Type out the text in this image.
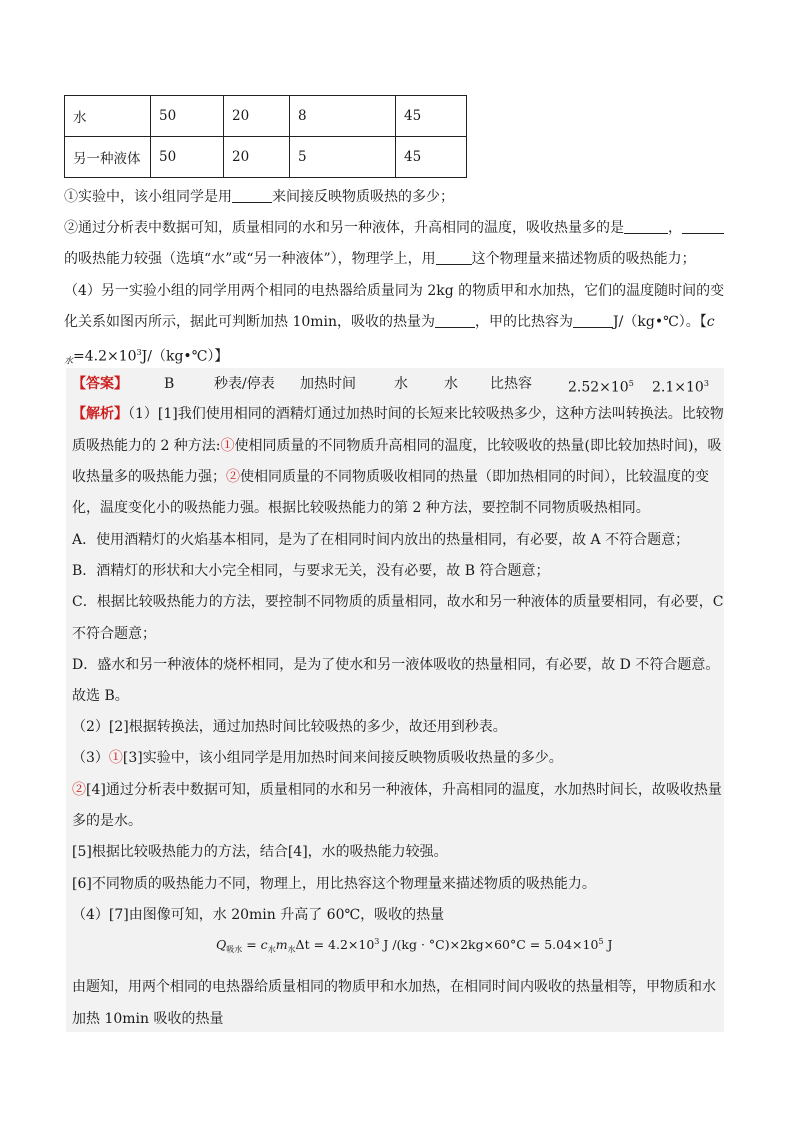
水	50	20	8	45
另一种液体	50	20	5	45
①实验中，该小组同学是用	来间接反映物质吸热的多少；
②通过分析表中数据可知，质量相同的水和另一种液体，升高相同的温度，吸收热量多的是	，
的吸热能力较强（选填“水”或“另一种液体”），物理学上，用	这个物理量来描述物质的吸热能力；
（4）另一实验小组的同学用两个相同的电热器给质量同为 2kg 的物质甲和水加热，它们的温度随时间的变
化关系如图丙所示，据此可判断加热 10min，吸收的热量为	，甲的比热容为	J/（kg•℃）。【c
$_水=4.2\times 10^3J/(kg•℃)$】
【答案】	B	秒表/停表 加热时间	水	水 比热容	$2.52\times 10^5$ $2.1\times 10^3$
【解析】（1）[1]我们使用相同的酒精灯通过加热时间的长短来比较吸热多少，这种方法叫转换法。比较物
质吸热能力的 2 种方法:①使相同质量的不同物质升高相同的温度，比较吸收的热量(即比较加热时间)，吸
收热量多的吸热能力强；②使相同质量的不同物质吸收相同的热量（即加热相同的时间），比较温度的变
化，温度变化小的吸热能力强。根据比较吸热能力的第 2 种方法，要控制不同物质吸热相同。
A．使用酒精灯的火焰基本相同，是为了在相同时间内放出的热量相同，有必要，故 A 不符合题意；
B．酒精灯的形状和大小完全相同，与要求无关，没有必要，故 B 符合题意；
C．根据比较吸热能力的方法，要控制不同物质的质量相同，故水和另一种液体的质量要相同，有必要，C
不符合题意；
D．盛水和另一种液体的烧杯相同，是为了使水和另一液体吸收的热量相同，有必要，故 D 不符合题意。
故选 B。
（2）[2]根据转换法，通过加热时间比较吸热的多少，故还用到秒表。
（3）①[3]实验中，该小组同学是用加热时间来间接反映物质吸收热量的多少。
②[4]通过分析表中数据可知，质量相同的水和另一种液体，升高相同的温度，水加热时间长，故吸收热量
多的是水。
[5]根据比较吸热能力的方法，结合[4]，水的吸热能力较强。
[6]不同物质的吸热能力不同，物理上，用比热容这个物理量来描述物质的吸热能力。
（4）[7]由图像可知，水 20min 升高了 60℃，吸收的热量
$Q_{吸水} = c_水m_水\Delta t = 4.2\times 10^3$ J $/(kg \cdot ^\circ C)\times 2kg\times 60^\circ C = 5.04\times 10^5$ J
由题知，用两个相同的电热器给质量相同的物质甲和水加热，在相同时间内吸收的热量相等，甲物质和水
加热 10min 吸收的热量
